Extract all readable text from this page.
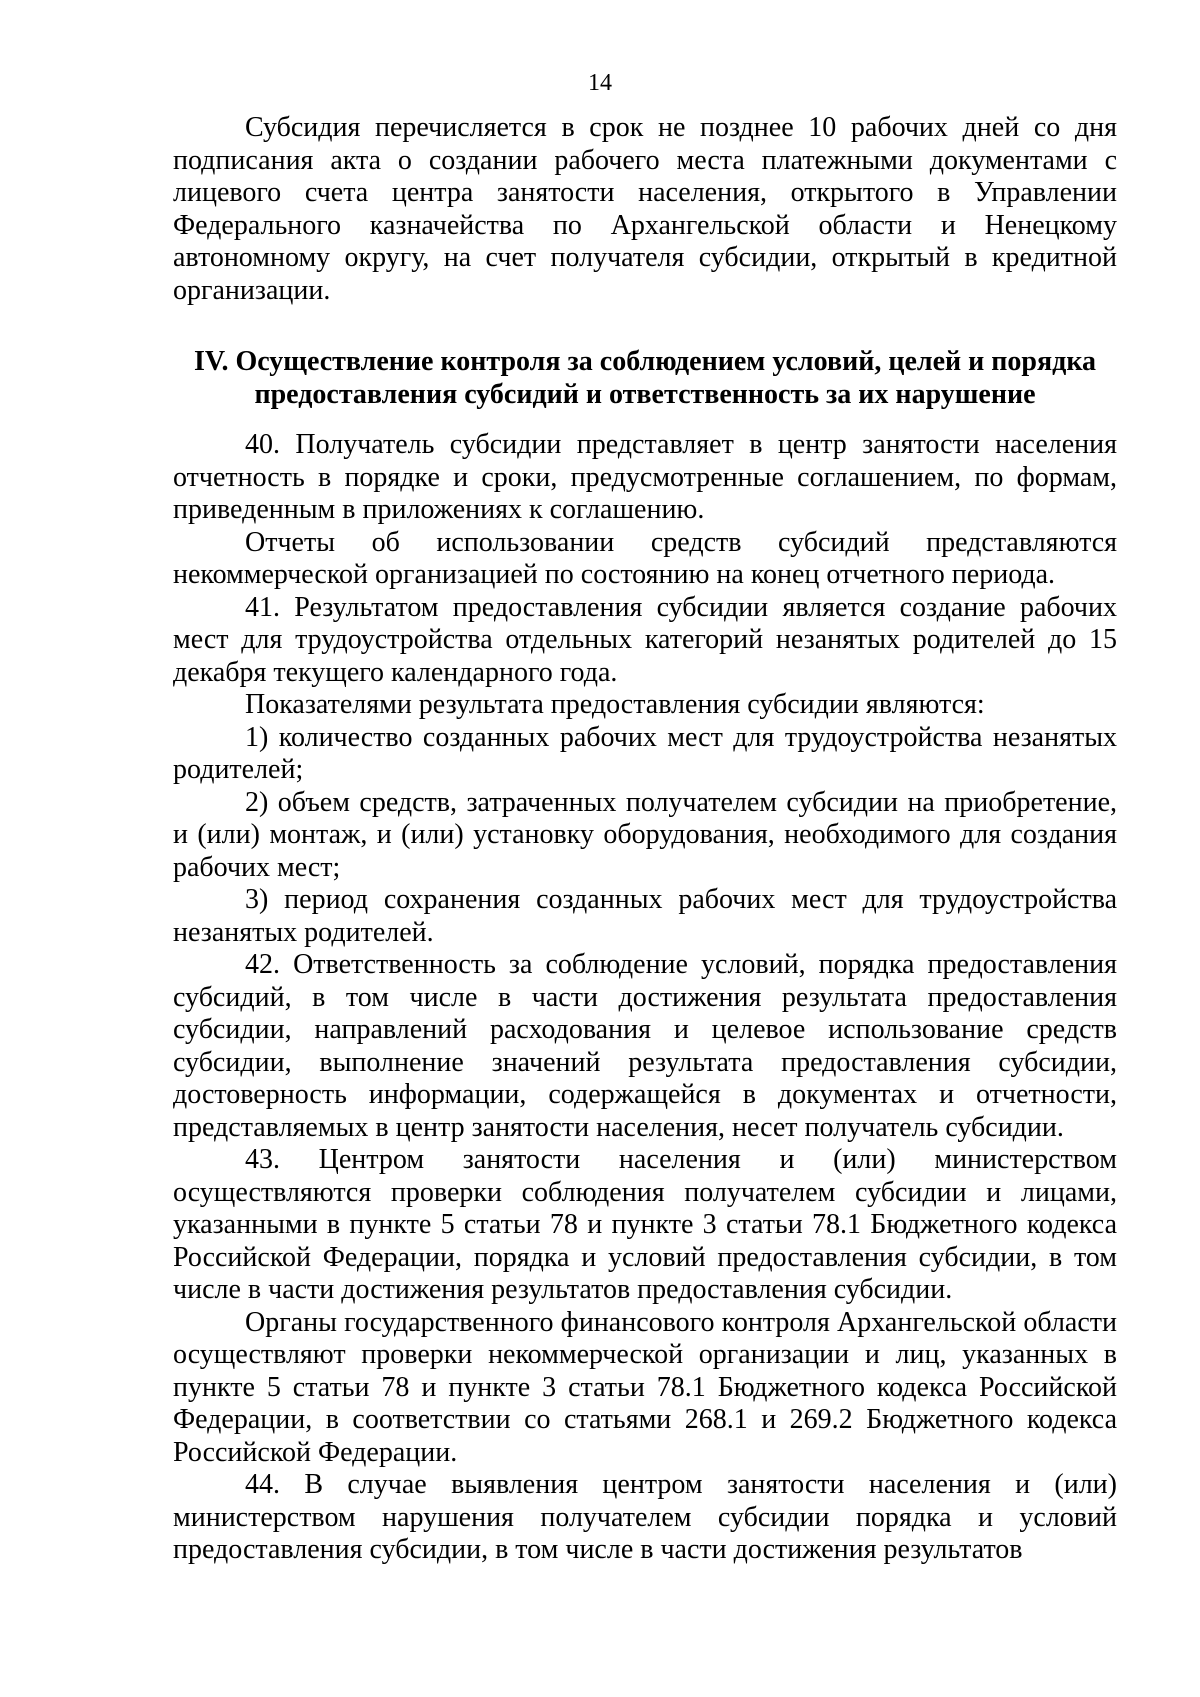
14

Субсидия перечисляется в срок не позднее 10 рабочих дней со дня подписания акта о создании рабочего места платежными документами с лицевого счета центра занятости населения, открытого в Управлении Федерального казначейства по Архангельской области и Ненецкому автономному округу, на счет получателя субсидии, открытый в кредитной организации.

IV. Осуществление контроля за соблюдением условий, целей и порядка
предоставления субсидий и ответственность за их нарушение

40. Получатель субсидии представляет в центр занятости населения отчетность в порядке и сроки, предусмотренные соглашением, по формам, приведенным в приложениях к соглашению.

Отчеты об использовании средств субсидий представляются некоммерческой организацией по состоянию на конец отчетного периода.

41. Результатом предоставления субсидии является создание рабочих мест для трудоустройства отдельных категорий незанятых родителей до 15 декабря текущего календарного года.

Показателями результата предоставления субсидии являются:

1) количество созданных рабочих мест для трудоустройства незанятых родителей;

2) объем средств, затраченных получателем субсидии на приобретение, и (или) монтаж, и (или) установку оборудования, необходимого для создания рабочих мест;

3) период сохранения созданных рабочих мест для трудоустройства незанятых родителей.

42. Ответственность за соблюдение условий, порядка предоставления субсидий, в том числе в части достижения результата предоставления субсидии, направлений расходования и целевое использование средств субсидии, выполнение значений результата предоставления субсидии, достоверность информации, содержащейся в документах и отчетности, представляемых в центр занятости населения, несет получатель субсидии.

43. Центром занятости населения и (или) министерством осуществляются проверки соблюдения получателем субсидии и лицами, указанными в пункте 5 статьи 78 и пункте 3 статьи 78.1 Бюджетного кодекса Российской Федерации, порядка и условий предоставления субсидии, в том числе в части достижения результатов предоставления субсидии.

Органы государственного финансового контроля Архангельской области осуществляют проверки некоммерческой организации и лиц, указанных в пункте 5 статьи 78 и пункте 3 статьи 78.1 Бюджетного кодекса Российской Федерации, в соответствии со статьями 268.1 и 269.2 Бюджетного кодекса Российской Федерации.

44. В случае выявления центром занятости населения и (или) министерством нарушения получателем субсидии порядка и условий предоставления субсидии, в том числе в части достижения результатов
